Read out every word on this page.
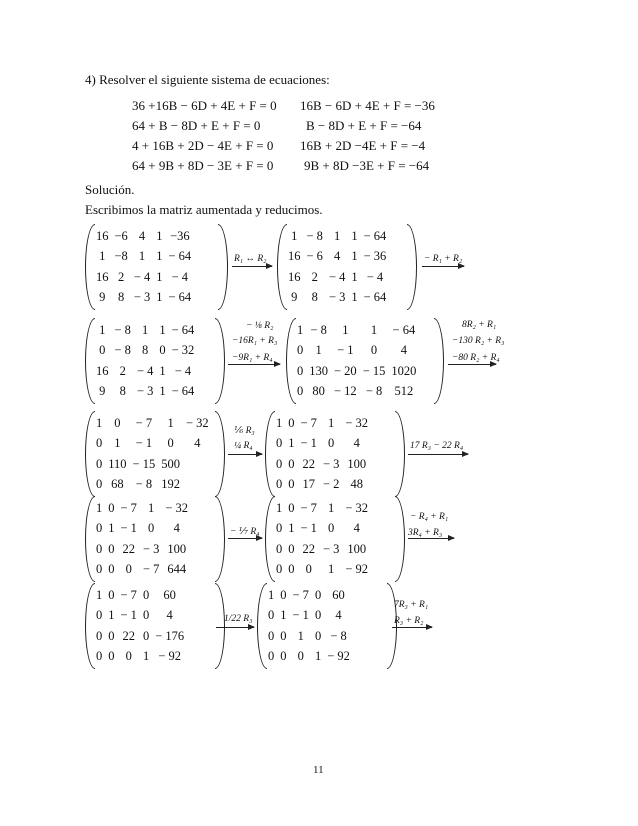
4) Resolver el siguiente sistema de ecuaciones:
36 +16B − 6D + 4E + F = 0
64 + B − 8D + E + F = 0
4 + 16B + 2D − 4E + F = 0
64 + 9B + 8D − 3E + F = 0
16B − 6D + 4E + F = −36
B − 8D + E + F = −64
16B + 2D −4E + F = −4
9B + 8D −3E + F = −64
Solución.
Escribimos la matriz aumentada y reducimos.
16	−6	4	1	−36
1	−8	1	1	− 64
16	2	− 4	1	− 4
9	8	− 3	1	− 64
1	− 8	1	1	− 64
16	− 6	4	1	− 36
16	2	− 4	1	− 4
9	8	− 3	1	− 64
1	− 8	1	1	− 64
0	− 8	8	0	− 32
16	2	− 4	1	− 4
9	8	− 3	1	− 64
1	− 8	1	1	− 64
0	1	− 1	0	4
0	130	− 20	− 15	1020
0	80	− 12	− 8	512
1	0	− 7	1	− 32
0	1	− 1	0	4
0	110	− 15	500	
0	68	− 8	192	
1	0	− 7	1	− 32
0	1	− 1	0	4
0	0	22	− 3	100
0	0	17	− 2	48
1	0	− 7	1	− 32
0	1	− 1	0	4
0	0	22	− 3	100
0	0	0	− 7	644
1	0	− 7	1	− 32
0	1	− 1	0	4
0	0	22	− 3	100
0	0	0	1	− 92
1	0	− 7	0	60
0	1	− 1	0	4
0	0	22	0	− 176
0	0	0	1	− 92
1	0	− 7	0	60
0	1	− 1	0	4
0	0	1	0	− 8
0	0	0	1	− 92
R₁ ↔ R₂	− R₁ + R₂
− ⅛ R₂
−16R₁ + R₃
−9R₁ + R₄
8R₂ + R₁
−130 R₂ + R₃
−80 R₂ + R₄
⅙ R₃
¼ R₄	17 R₃ − 22 R₄
− ⅐ R₄
− R₄ + R₁
3R₄ + R₃
1/22 R₃
7R₃ + R₁
R₃ + R₂
11
